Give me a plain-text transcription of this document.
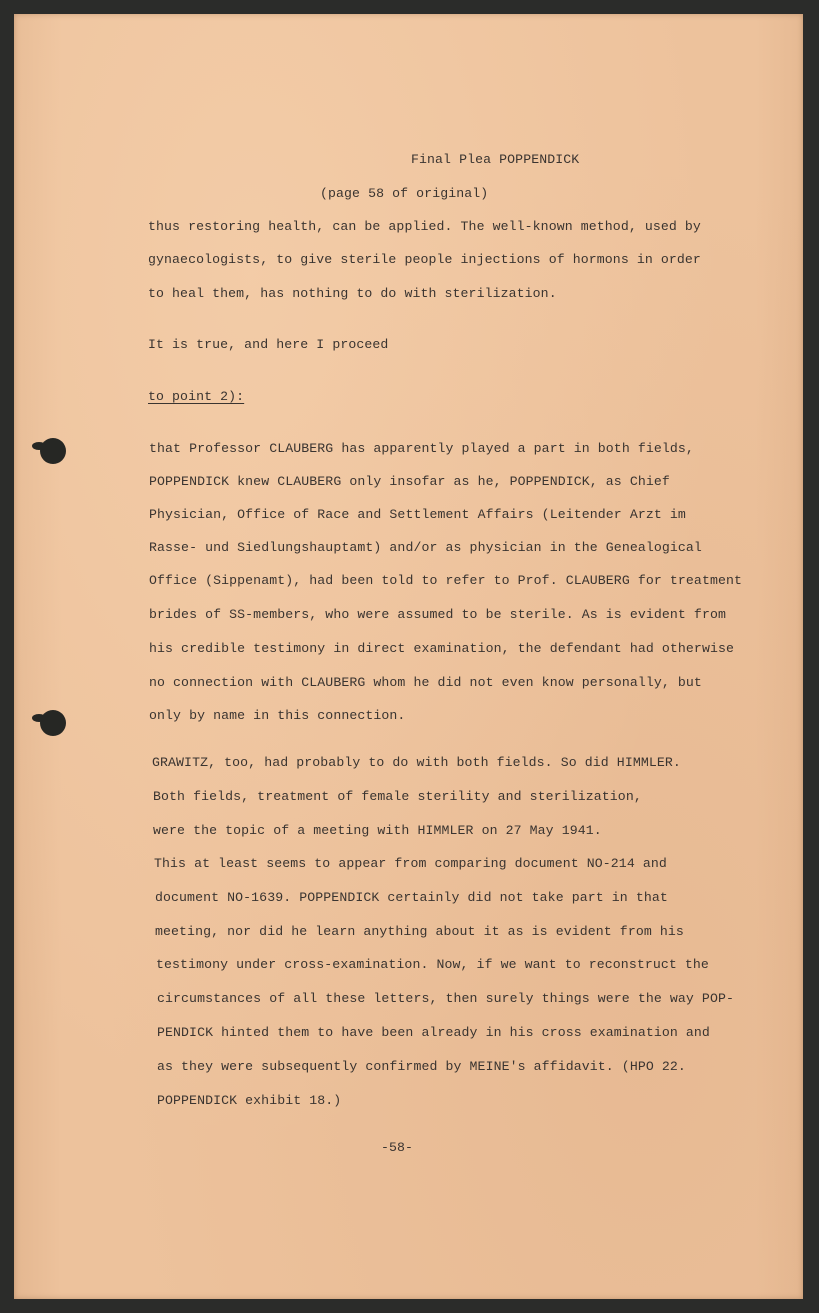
Final Plea POPPENDICK
(page 58 of original)
thus restoring health, can be applied. The well-known method, used by
gynaecologists, to give sterile people injections of hormons in order
to heal them, has nothing to do with sterilization.
It is true, and here I proceed
to point 2):
that Professor CLAUBERG has apparently played a part in both fields,
POPPENDICK knew CLAUBERG only insofar as he, POPPENDICK, as Chief
Physician, Office of Race and Settlement Affairs (Leitender Arzt im
Rasse- und Siedlungshauptamt) and/or as physician in the Genealogical
Office (Sippenamt), had been told to refer to Prof. CLAUBERG for treatment
brides of SS-members, who were assumed to be sterile. As is evident from
his credible testimony in direct examination, the defendant had otherwise
no connection with CLAUBERG whom he did not even know personally, but
only by name in this connection.
GRAWITZ, too, had probably to do with both fields. So did HIMMLER.
Both fields, treatment of female sterility and sterilization,
were the topic of a meeting with HIMMLER on 27 May 1941.
This at least seems to appear from comparing document NO-214 and
document NO-1639. POPPENDICK certainly did not take part in that
meeting, nor did he learn anything about it as is evident from his
testimony under cross-examination. Now, if we want to reconstruct the
circumstances of all these letters, then surely things were the way POP-
PENDICK hinted them to have been already in his cross examination and
as they were subsequently confirmed by MEINE's affidavit. (HPO 22.
POPPENDICK exhibit 18.)
-58-
